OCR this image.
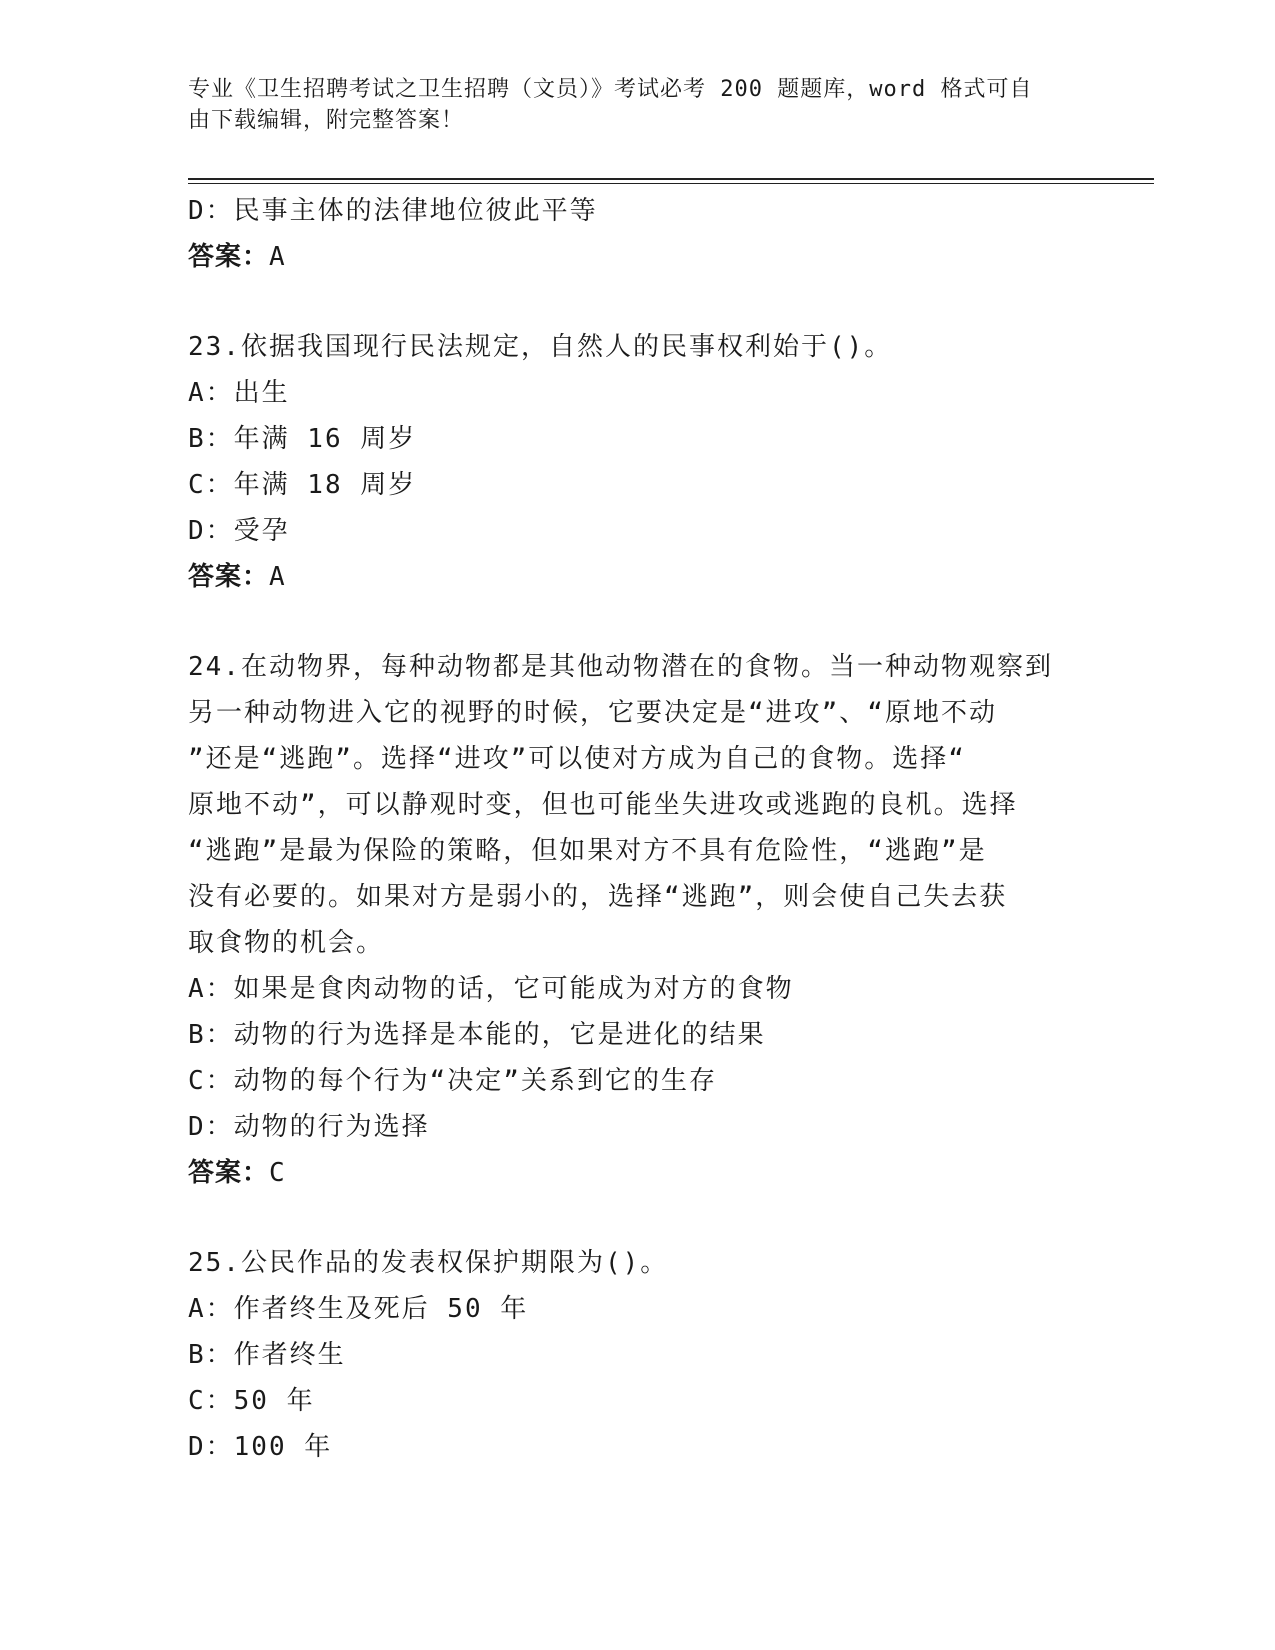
专业《卫生招聘考试之卫生招聘（文员）》考试必考 200 题题库，word 格式可自
由下载编辑，附完整答案！
D：民事主体的法律地位彼此平等
答案：A
23.依据我国现行民法规定，自然人的民事权利始于()。
A：出生
B：年满 16 周岁
C：年满 18 周岁
D：受孕
答案：A
24.在动物界，每种动物都是其他动物潜在的食物。当一种动物观察到
另一种动物进入它的视野的时候，它要决定是“进攻”、“原地不动
”还是“逃跑”。选择“进攻”可以使对方成为自己的食物。选择“
原地不动”，可以静观时变，但也可能坐失进攻或逃跑的良机。选择
“逃跑”是最为保险的策略，但如果对方不具有危险性，“逃跑”是
没有必要的。如果对方是弱小的，选择“逃跑”，则会使自己失去获
取食物的机会。
A：如果是食肉动物的话，它可能成为对方的食物
B：动物的行为选择是本能的，它是进化的结果
C：动物的每个行为“决定”关系到它的生存
D：动物的行为选择
答案：C
25.公民作品的发表权保护期限为()。
A：作者终生及死后 50 年
B：作者终生
C：50 年
D：100 年
